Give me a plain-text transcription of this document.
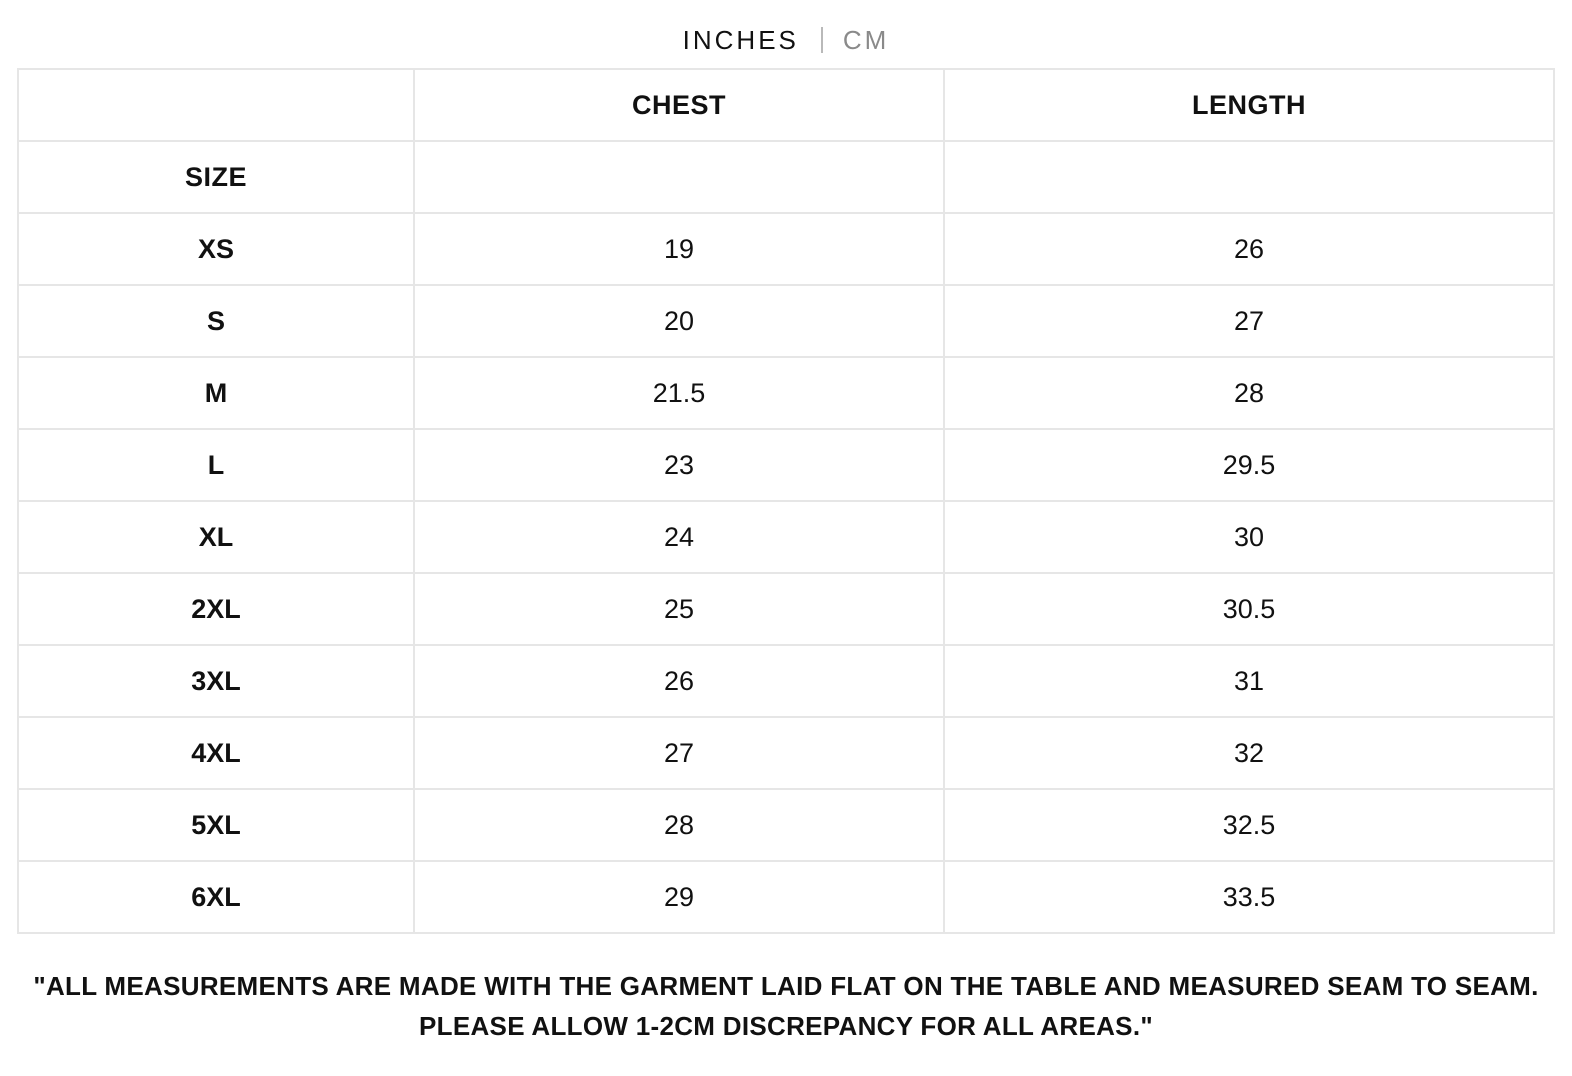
INCHES CM
	CHEST	LENGTH
SIZE		
XS	19	26
S	20	27
M	21.5	28
L	23	29.5
XL	24	30
2XL	25	30.5
3XL	26	31
4XL	27	32
5XL	28	32.5
6XL	29	33.5
"ALL MEASUREMENTS ARE MADE WITH THE GARMENT LAID FLAT ON THE TABLE AND MEASURED SEAM TO SEAM. PLEASE ALLOW 1-2CM DISCREPANCY FOR ALL AREAS."
